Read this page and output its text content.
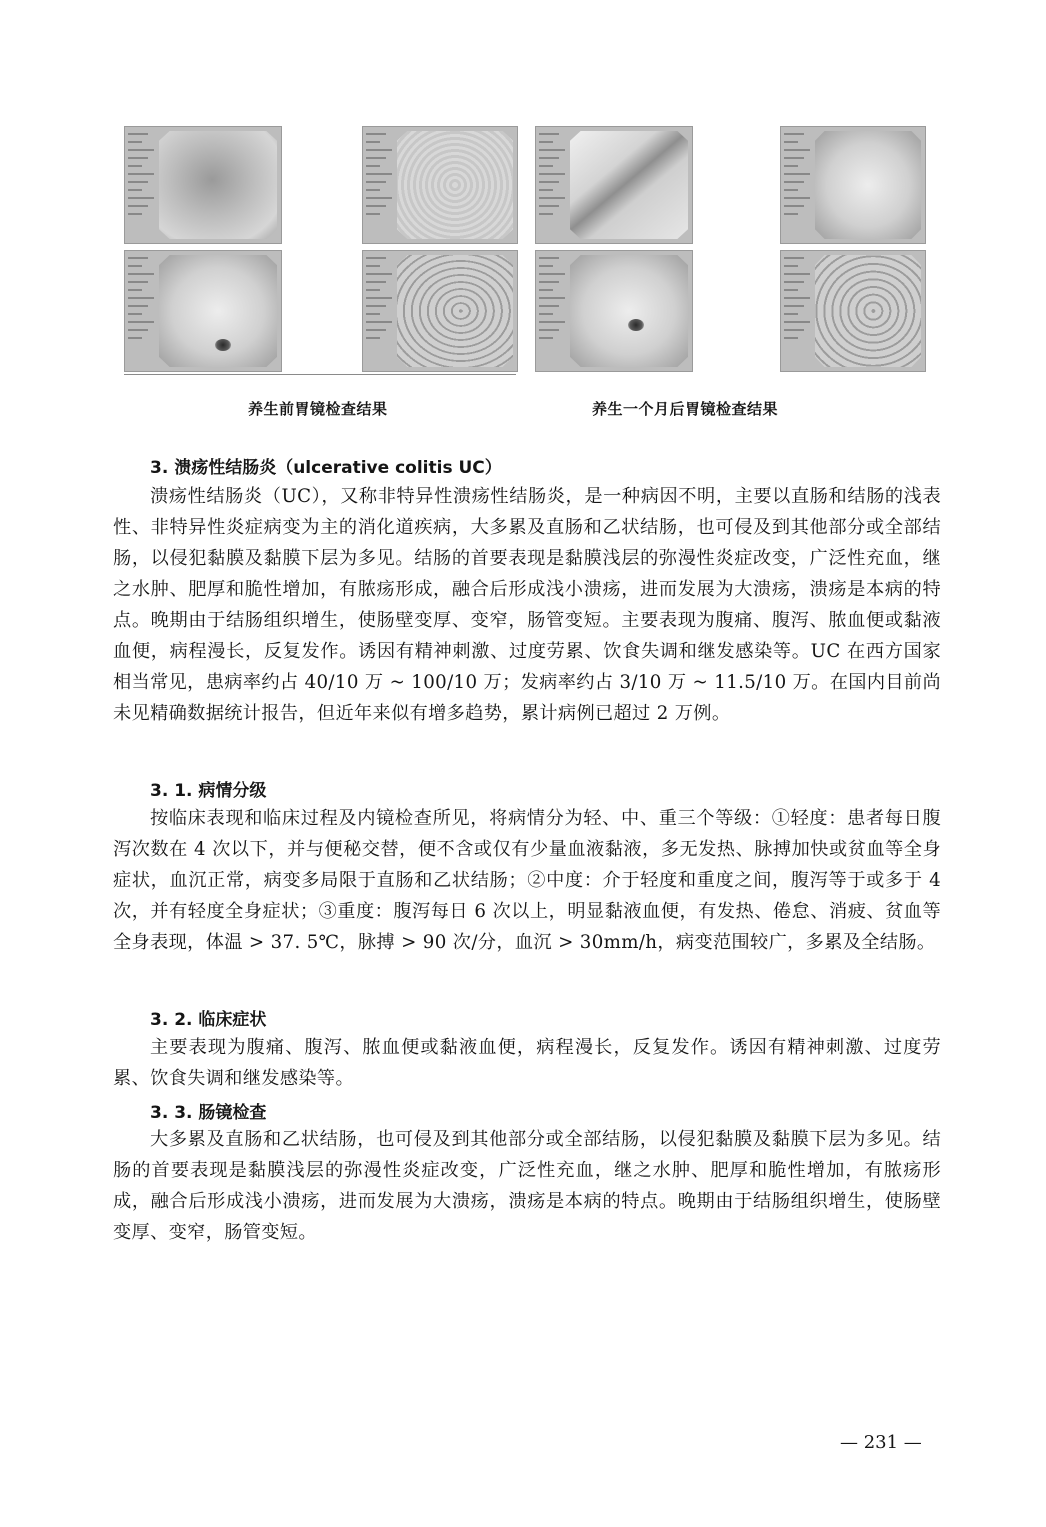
养生前胃镜检查结果	养生一个月后胃镜检查结果
3. 溃疡性结肠炎（ulcerative colitis UC）

溃疡性结肠炎（UC），又称非特异性溃疡性结肠炎，是一种病因不明，主要以直肠和结肠的浅表性、非特异性炎症病变为主的消化道疾病，大多累及直肠和乙状结肠，也可侵及到其他部分或全部结肠，以侵犯黏膜及黏膜下层为多见。结肠的首要表现是黏膜浅层的弥漫性炎症改变，广泛性充血，继之水肿、肥厚和脆性增加，有脓疡形成，融合后形成浅小溃疡，进而发展为大溃疡，溃疡是本病的特点。晚期由于结肠组织增生，使肠壁变厚、变窄，肠管变短。主要表现为腹痛、腹泻、脓血便或黏液血便，病程漫长，反复发作。诱因有精神刺激、过度劳累、饮食失调和继发感染等。UC 在西方国家相当常见，患病率约占 40/10 万 ~ 100/10 万；发病率约占 3/10 万 ~ 11.5/10 万。在国内目前尚未见精确数据统计报告，但近年来似有增多趋势，累计病例已超过 2 万例。

3. 1. 病情分级

按临床表现和临床过程及内镜检查所见，将病情分为轻、中、重三个等级：①轻度：患者每日腹泻次数在 4 次以下，并与便秘交替，便不含或仅有少量血液黏液，多无发热、脉搏加快或贫血等全身症状，血沉正常，病变多局限于直肠和乙状结肠；②中度：介于轻度和重度之间，腹泻等于或多于 4 次，并有轻度全身症状；③重度：腹泻每日 6 次以上，明显黏液血便，有发热、倦怠、消疲、贫血等全身表现，体温 > 37. 5℃，脉搏 > 90 次/分，血沉 > 30mm/h，病变范围较广，多累及全结肠。

3. 2. 临床症状

主要表现为腹痛、腹泻、脓血便或黏液血便，病程漫长，反复发作。诱因有精神刺激、过度劳累、饮食失调和继发感染等。

3. 3. 肠镜检查

大多累及直肠和乙状结肠，也可侵及到其他部分或全部结肠，以侵犯黏膜及黏膜下层为多见。结肠的首要表现是黏膜浅层的弥漫性炎症改变，广泛性充血，继之水肿、肥厚和脆性增加，有脓疡形成，融合后形成浅小溃疡，进而发展为大溃疡，溃疡是本病的特点。晚期由于结肠组织增生，使肠壁变厚、变窄，肠管变短。

— 231 —
